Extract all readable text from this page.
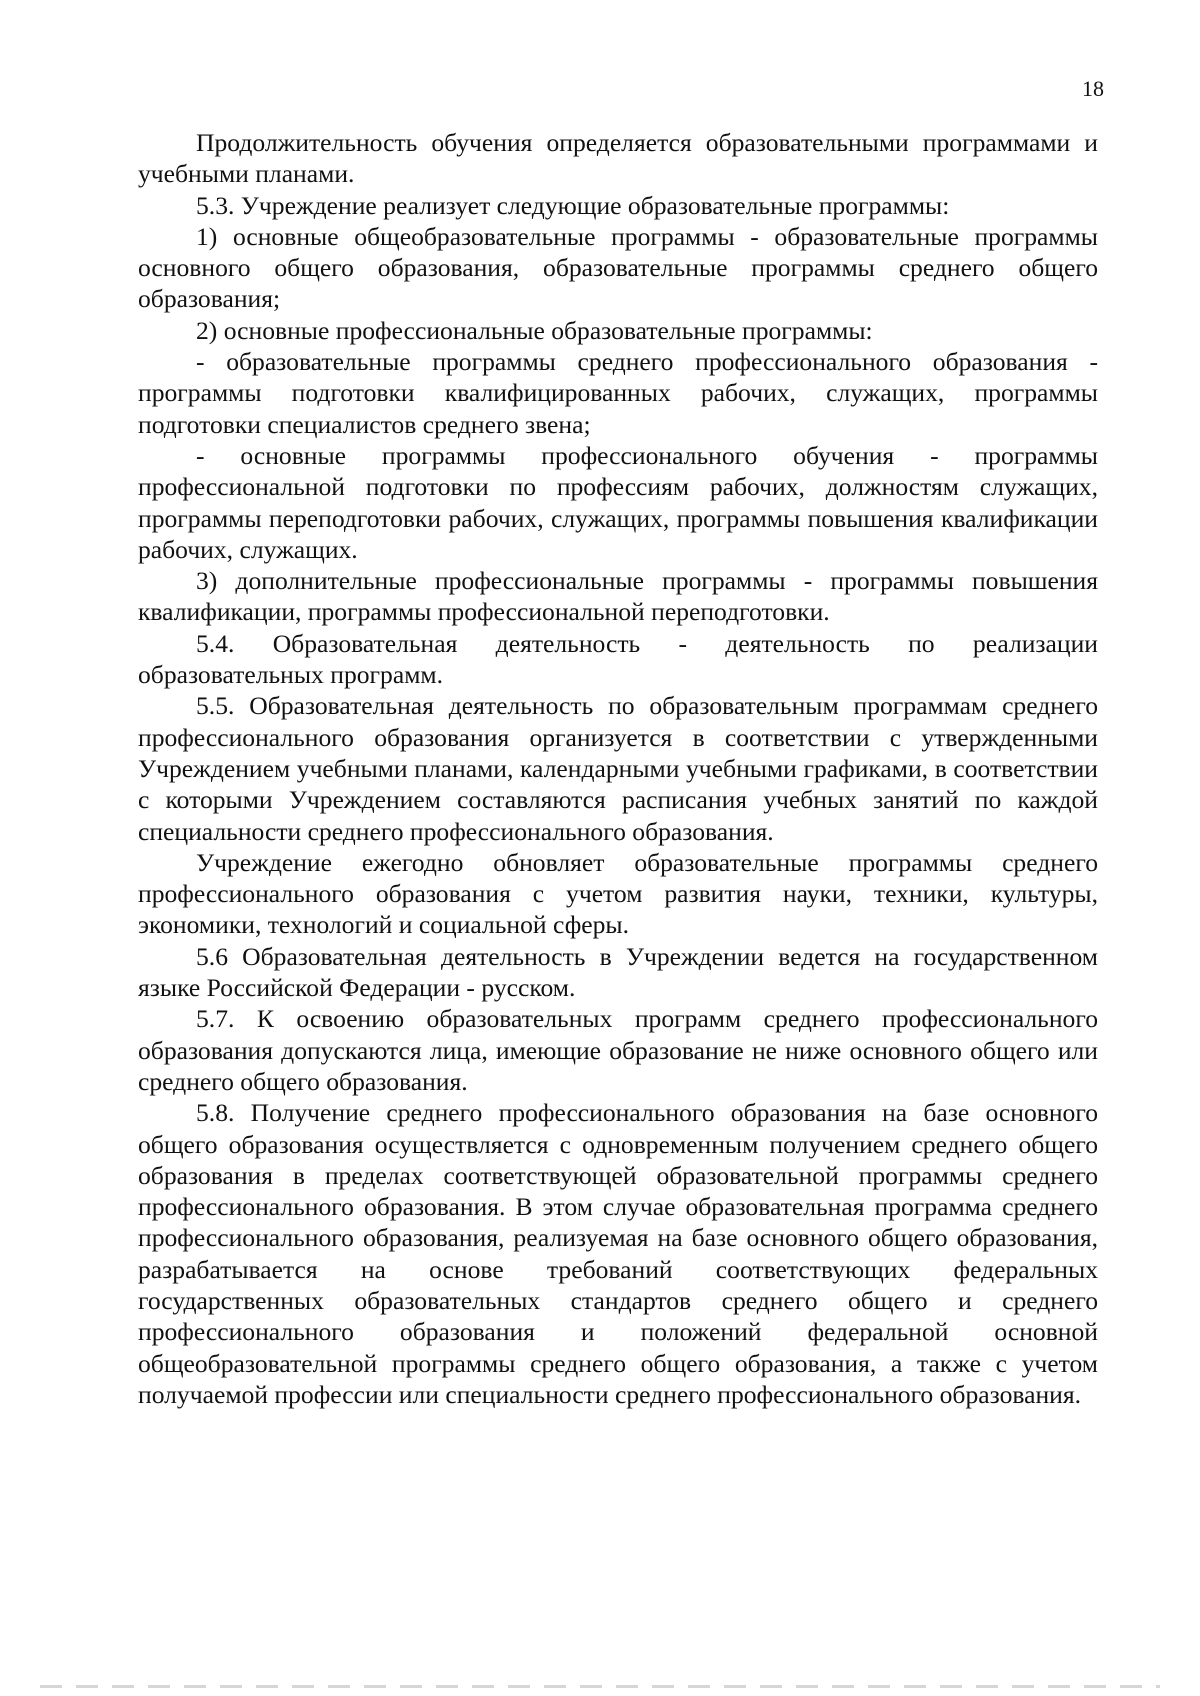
18

Продолжительность обучения определяется образовательными программами и учебными планами.

5.3. Учреждение реализует следующие образовательные программы:

1) основные общеобразовательные программы - образовательные программы основного общего образования, образовательные программы среднего общего образования;

2) основные профессиональные образовательные программы:

- образовательные программы среднего профессионального образования - программы подготовки квалифицированных рабочих, служащих, программы подготовки специалистов среднего звена;

- основные программы профессионального обучения - программы профессиональной подготовки по профессиям рабочих, должностям служащих, программы переподготовки рабочих, служащих, программы повышения квалификации рабочих, служащих.

3) дополнительные профессиональные программы - программы повышения квалификации, программы профессиональной переподготовки.

5.4. Образовательная деятельность - деятельность по реализации образовательных программ.

5.5. Образовательная деятельность по образовательным программам среднего профессионального образования организуется в соответствии с утвержденными Учреждением учебными планами, календарными учебными графиками, в соответствии с которыми Учреждением составляются расписания учебных занятий по каждой специальности среднего профессионального образования.

Учреждение ежегодно обновляет образовательные программы среднего профессионального образования с учетом развития науки, техники, культуры, экономики, технологий и социальной сферы.

5.6 Образовательная деятельность в Учреждении ведется на государственном языке Российской Федерации - русском.

5.7. К освоению образовательных программ среднего профессионального образования допускаются лица, имеющие образование не ниже основного общего или среднего общего образования.

5.8. Получение среднего профессионального образования на базе основного общего образования осуществляется с одновременным получением среднего общего образования в пределах соответствующей образовательной программы среднего профессионального образования. В этом случае образовательная программа среднего профессионального образования, реализуемая на базе основного общего образования, разрабатывается на основе требований соответствующих федеральных государственных образовательных стандартов среднего общего и среднего профессионального образования и положений федеральной основной общеобразовательной программы среднего общего образования, а также с учетом получаемой профессии или специальности среднего профессионального образования.
